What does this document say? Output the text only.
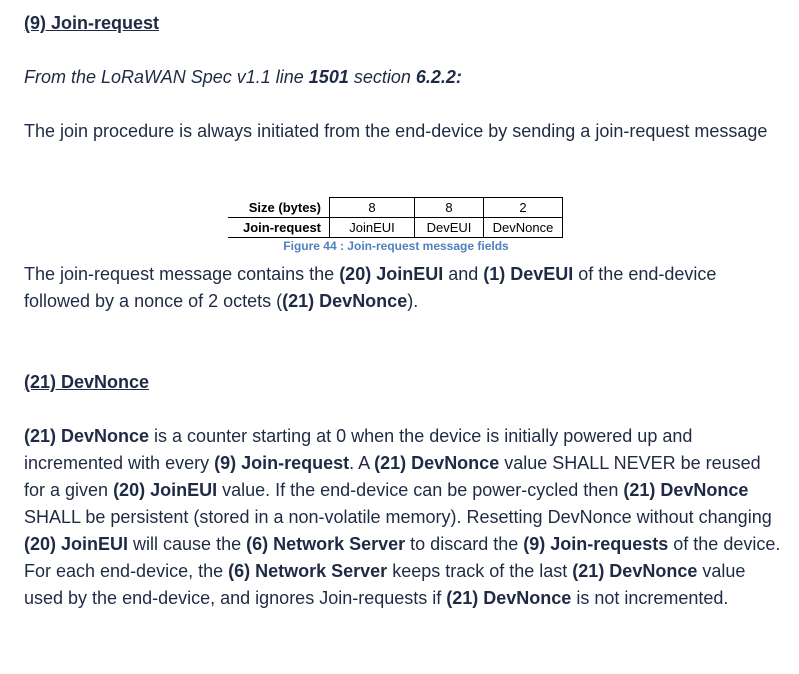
(9) Join-request

From the LoRaWAN Spec v1.1 line 1501 section 6.2.2:

The join procedure is always initiated from the end-device by sending a join-request message

The join-request message contains the (20) JoinEUI and (1) DevEUI of the end-device followed by a nonce of 2 octets ((21) DevNonce).

(21) DevNonce

(21) DevNonce is a counter starting at 0 when the device is initially powered up and incremented with every (9) Join-request. A (21) DevNonce value SHALL NEVER be reused for a given (20) JoinEUI value. If the end-device can be power-cycled then (21) DevNonce SHALL be persistent (stored in a non-volatile memory). Resetting DevNonce without changing (20) JoinEUI will cause the (6) Network Server to discard the (9) Join-requests of the device. For each end-device, the (6) Network Server keeps track of the last (21) DevNonce value used by the end-device, and ignores Join-requests if (21) DevNonce is not incremented.

Size (bytes)	8	8	2
Join-request	JoinEUI	DevEUI	DevNonce
Figure 44 : Join-request message fields
